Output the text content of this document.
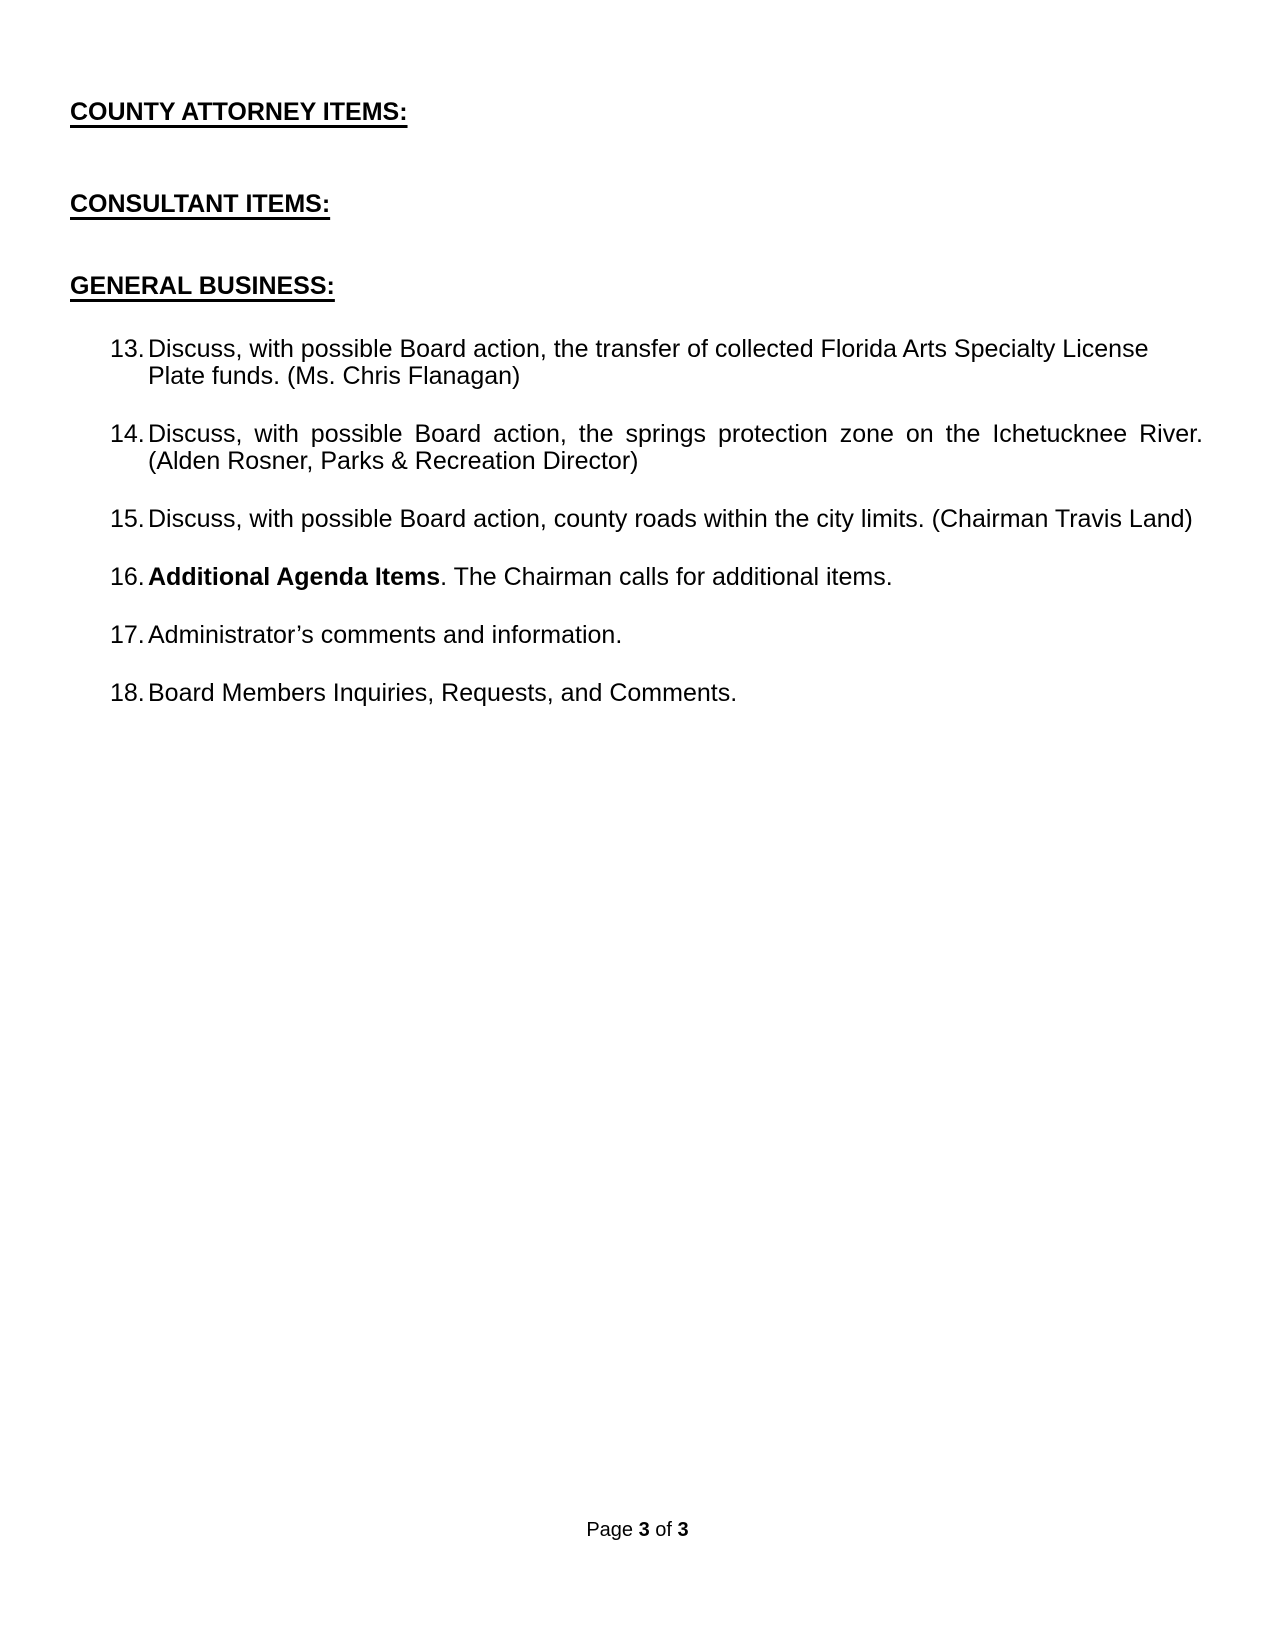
COUNTY ATTORNEY ITEMS:
CONSULTANT ITEMS:
GENERAL BUSINESS:
13. Discuss, with possible Board action, the transfer of collected Florida Arts Specialty License Plate funds. (Ms. Chris Flanagan)
14. Discuss, with possible Board action, the springs protection zone on the Ichetucknee River. (Alden Rosner, Parks & Recreation Director)
15. Discuss, with possible Board action, county roads within the city limits. (Chairman Travis Land)
16. Additional Agenda Items. The Chairman calls for additional items.
17. Administrator’s comments and information.
18. Board Members Inquiries, Requests, and Comments.
Page 3 of 3
